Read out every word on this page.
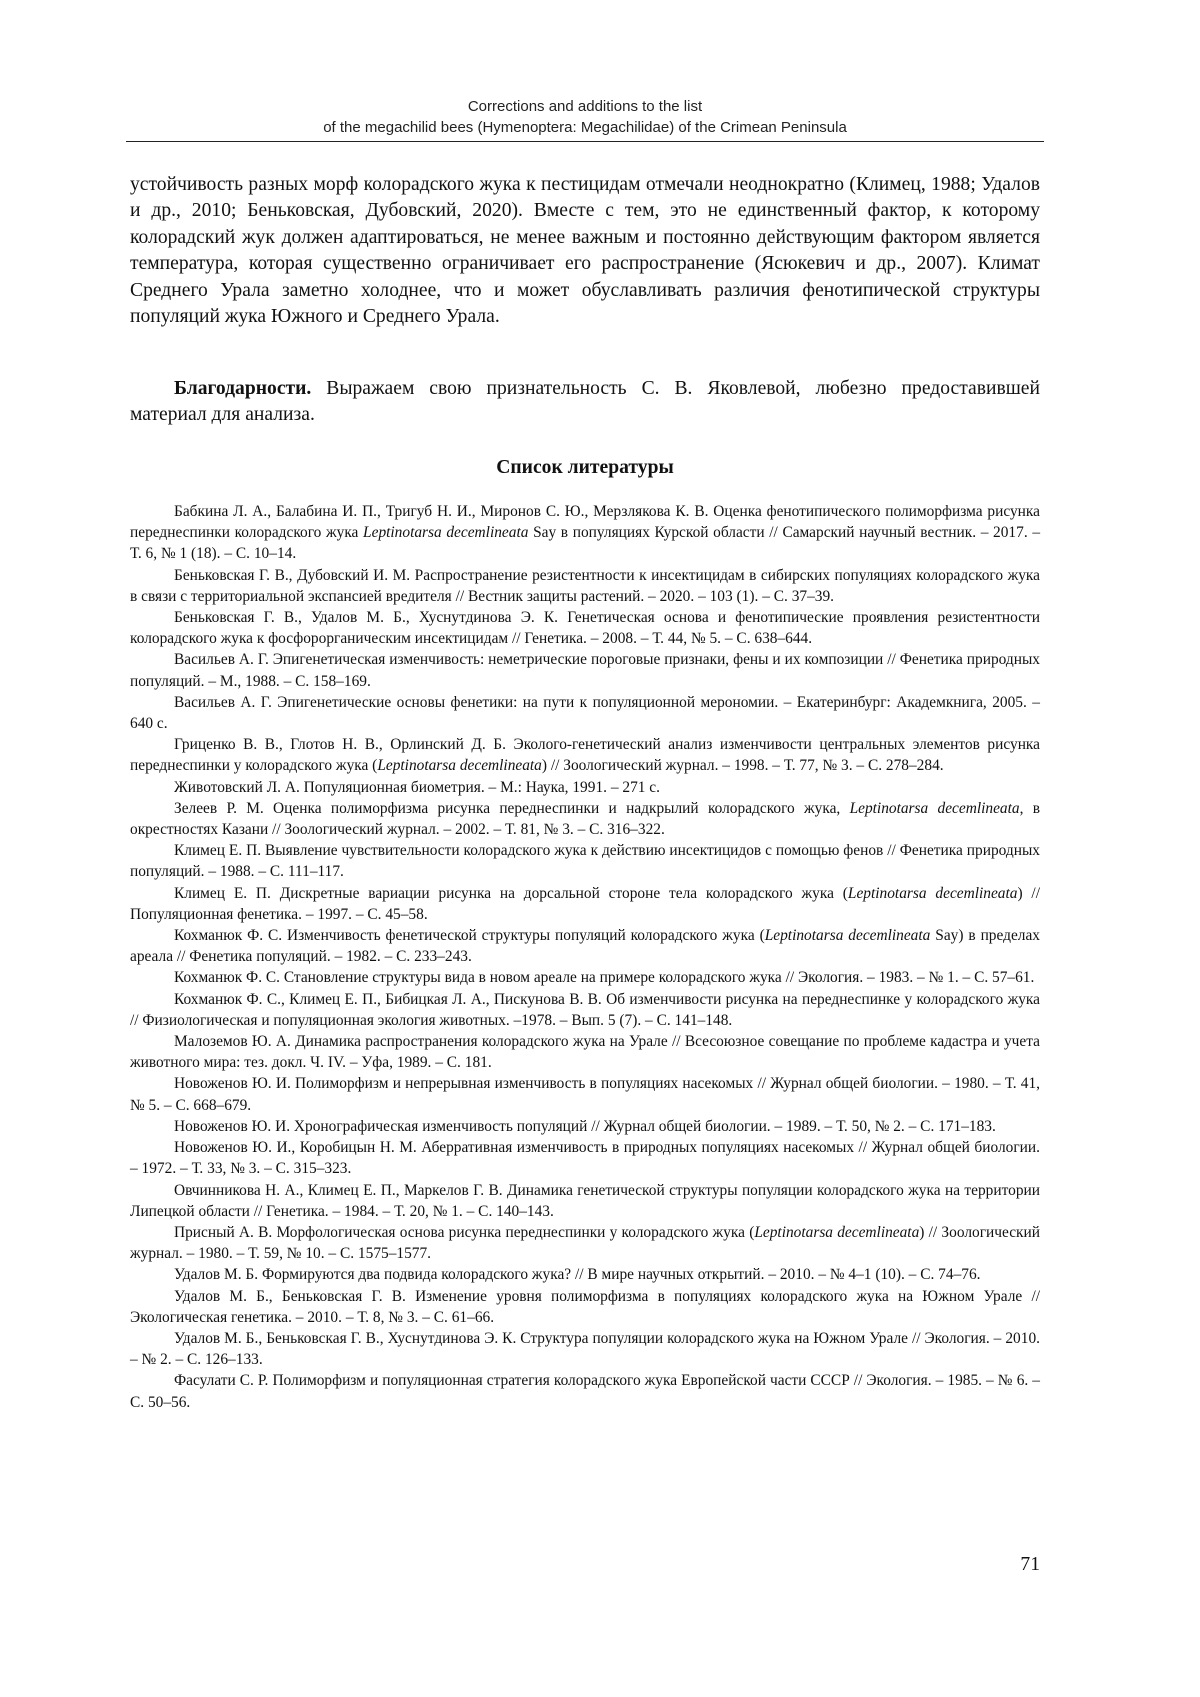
Corrections and additions to the list
of the megachilid bees (Hymenoptera: Megachilidae) of the Crimean Peninsula

устойчивость разных морф колорадского жука к пестицидам отмечали неоднократно (Климец, 1988; Удалов и др., 2010; Беньковская, Дубовский, 2020). Вместе с тем, это не единственный фактор, к которому колорадский жук должен адаптироваться, не менее важным и постоянно действующим фактором является температура, которая существенно ограничивает его распространение (Ясюкевич и др., 2007). Климат Среднего Урала заметно холоднее, что и может обуславливать различия фенотипической структуры популяций жука Южного и Среднего Урала.

Благодарности. Выражаем свою признательность С. В. Яковлевой, любезно предоставившей материал для анализа.

Список литературы
Бабкина Л. А., Балабина И. П., Тригуб Н. И., Миронов С. Ю., Мерзлякова К. В. Оценка фенотипического полиморфизма рисунка переднеспинки колорадского жука Leptinotarsa decemlineata Say в популяциях Курской области // Самарский научный вестник. – 2017. – Т. 6, № 1 (18). – С. 10–14.
Беньковская Г. В., Дубовский И. М. Распространение резистентности к инсектицидам в сибирских популяциях колорадского жука в связи с территориальной экспансией вредителя // Вестник защиты растений. – 2020. – 103 (1). – С. 37–39.
Беньковская Г. В., Удалов М. Б., Хуснутдинова Э. К. Генетическая основа и фенотипические проявления резистентности колорадского жука к фосфорорганическим инсектицидам // Генетика. – 2008. – Т. 44, № 5. – С. 638–644.
Васильев А. Г. Эпигенетическая изменчивость: неметрические пороговые признаки, фены и их композиции // Фенетика природных популяций. – М., 1988. – С. 158–169.
Васильев А. Г. Эпигенетические основы фенетики: на пути к популяционной мерономии. – Екатеринбург: Академкнига, 2005. – 640 с.
Гриценко В. В., Глотов Н. В., Орлинский Д. Б. Эколого-генетический анализ изменчивости центральных элементов рисунка переднеспинки у колорадского жука (Leptinotarsa decemlineata) // Зоологический журнал. – 1998. – Т. 77, № 3. – С. 278–284.
Животовский Л. А. Популяционная биометрия. – М.: Наука, 1991. – 271 с.
Зелеев Р. М. Оценка полиморфизма рисунка переднеспинки и надкрылий колорадского жука, Leptinotarsa decemlineata, в окрестностях Казани // Зоологический журнал. – 2002. – Т. 81, № 3. – С. 316–322.
Климец Е. П. Выявление чувствительности колорадского жука к действию инсектицидов с помощью фенов // Фенетика природных популяций. – 1988. – С. 111–117.
Климец Е. П. Дискретные вариации рисунка на дорсальной стороне тела колорадского жука (Leptinotarsa decemlineata) // Популяционная фенетика. – 1997. – С. 45–58.
Кохманюк Ф. С. Изменчивость фенетической структуры популяций колорадского жука (Leptinotarsa decemlineata Say) в пределах ареала // Фенетика популяций. – 1982. – С. 233–243.
Кохманюк Ф. С. Становление структуры вида в новом ареале на примере колорадского жука // Экология. – 1983. – № 1. – С. 57–61.
Кохманюк Ф. С., Климец Е. П., Бибицкая Л. А., Пискунова В. В. Об изменчивости рисунка на переднеспинке у колорадского жука // Физиологическая и популяционная экология животных. –1978. – Вып. 5 (7). – С. 141–148.
Малоземов Ю. А. Динамика распространения колорадского жука на Урале // Всесоюзное совещание по проблеме кадастра и учета животного мира: тез. докл. Ч. IV. – Уфа, 1989. – С. 181.
Новоженов Ю. И. Полиморфизм и непрерывная изменчивость в популяциях насекомых // Журнал общей биологии. – 1980. – Т. 41, № 5. – С. 668–679.
Новоженов Ю. И. Хронографическая изменчивость популяций // Журнал общей биологии. – 1989. – Т. 50, № 2. – С. 171–183.
Новоженов Ю. И., Коробицын Н. М. Аберративная изменчивость в природных популяциях насекомых // Журнал общей биологии. – 1972. – Т. 33, № 3. – С. 315–323.
Овчинникова Н. А., Климец Е. П., Маркелов Г. В. Динамика генетической структуры популяции колорадского жука на территории Липецкой области // Генетика. – 1984. – Т. 20, № 1. – С. 140–143.
Присный А. В. Морфологическая основа рисунка переднеспинки у колорадского жука (Leptinotarsa decemlineata) // Зоологический журнал. – 1980. – Т. 59, № 10. – С. 1575–1577.
Удалов М. Б. Формируются два подвида колорадского жука? // В мире научных открытий. – 2010. – № 4–1 (10). – С. 74–76.
Удалов М. Б., Беньковская Г. В. Изменение уровня полиморфизма в популяциях колорадского жука на Южном Урале // Экологическая генетика. – 2010. – Т. 8, № 3. – С. 61–66.
Удалов М. Б., Беньковская Г. В., Хуснутдинова Э. К. Структура популяции колорадского жука на Южном Урале // Экология. – 2010. – № 2. – С. 126–133.
Фасулати С. Р. Полиморфизм и популяционная стратегия колорадского жука Европейской части СССР // Экология. – 1985. – № 6. – С. 50–56.
71
